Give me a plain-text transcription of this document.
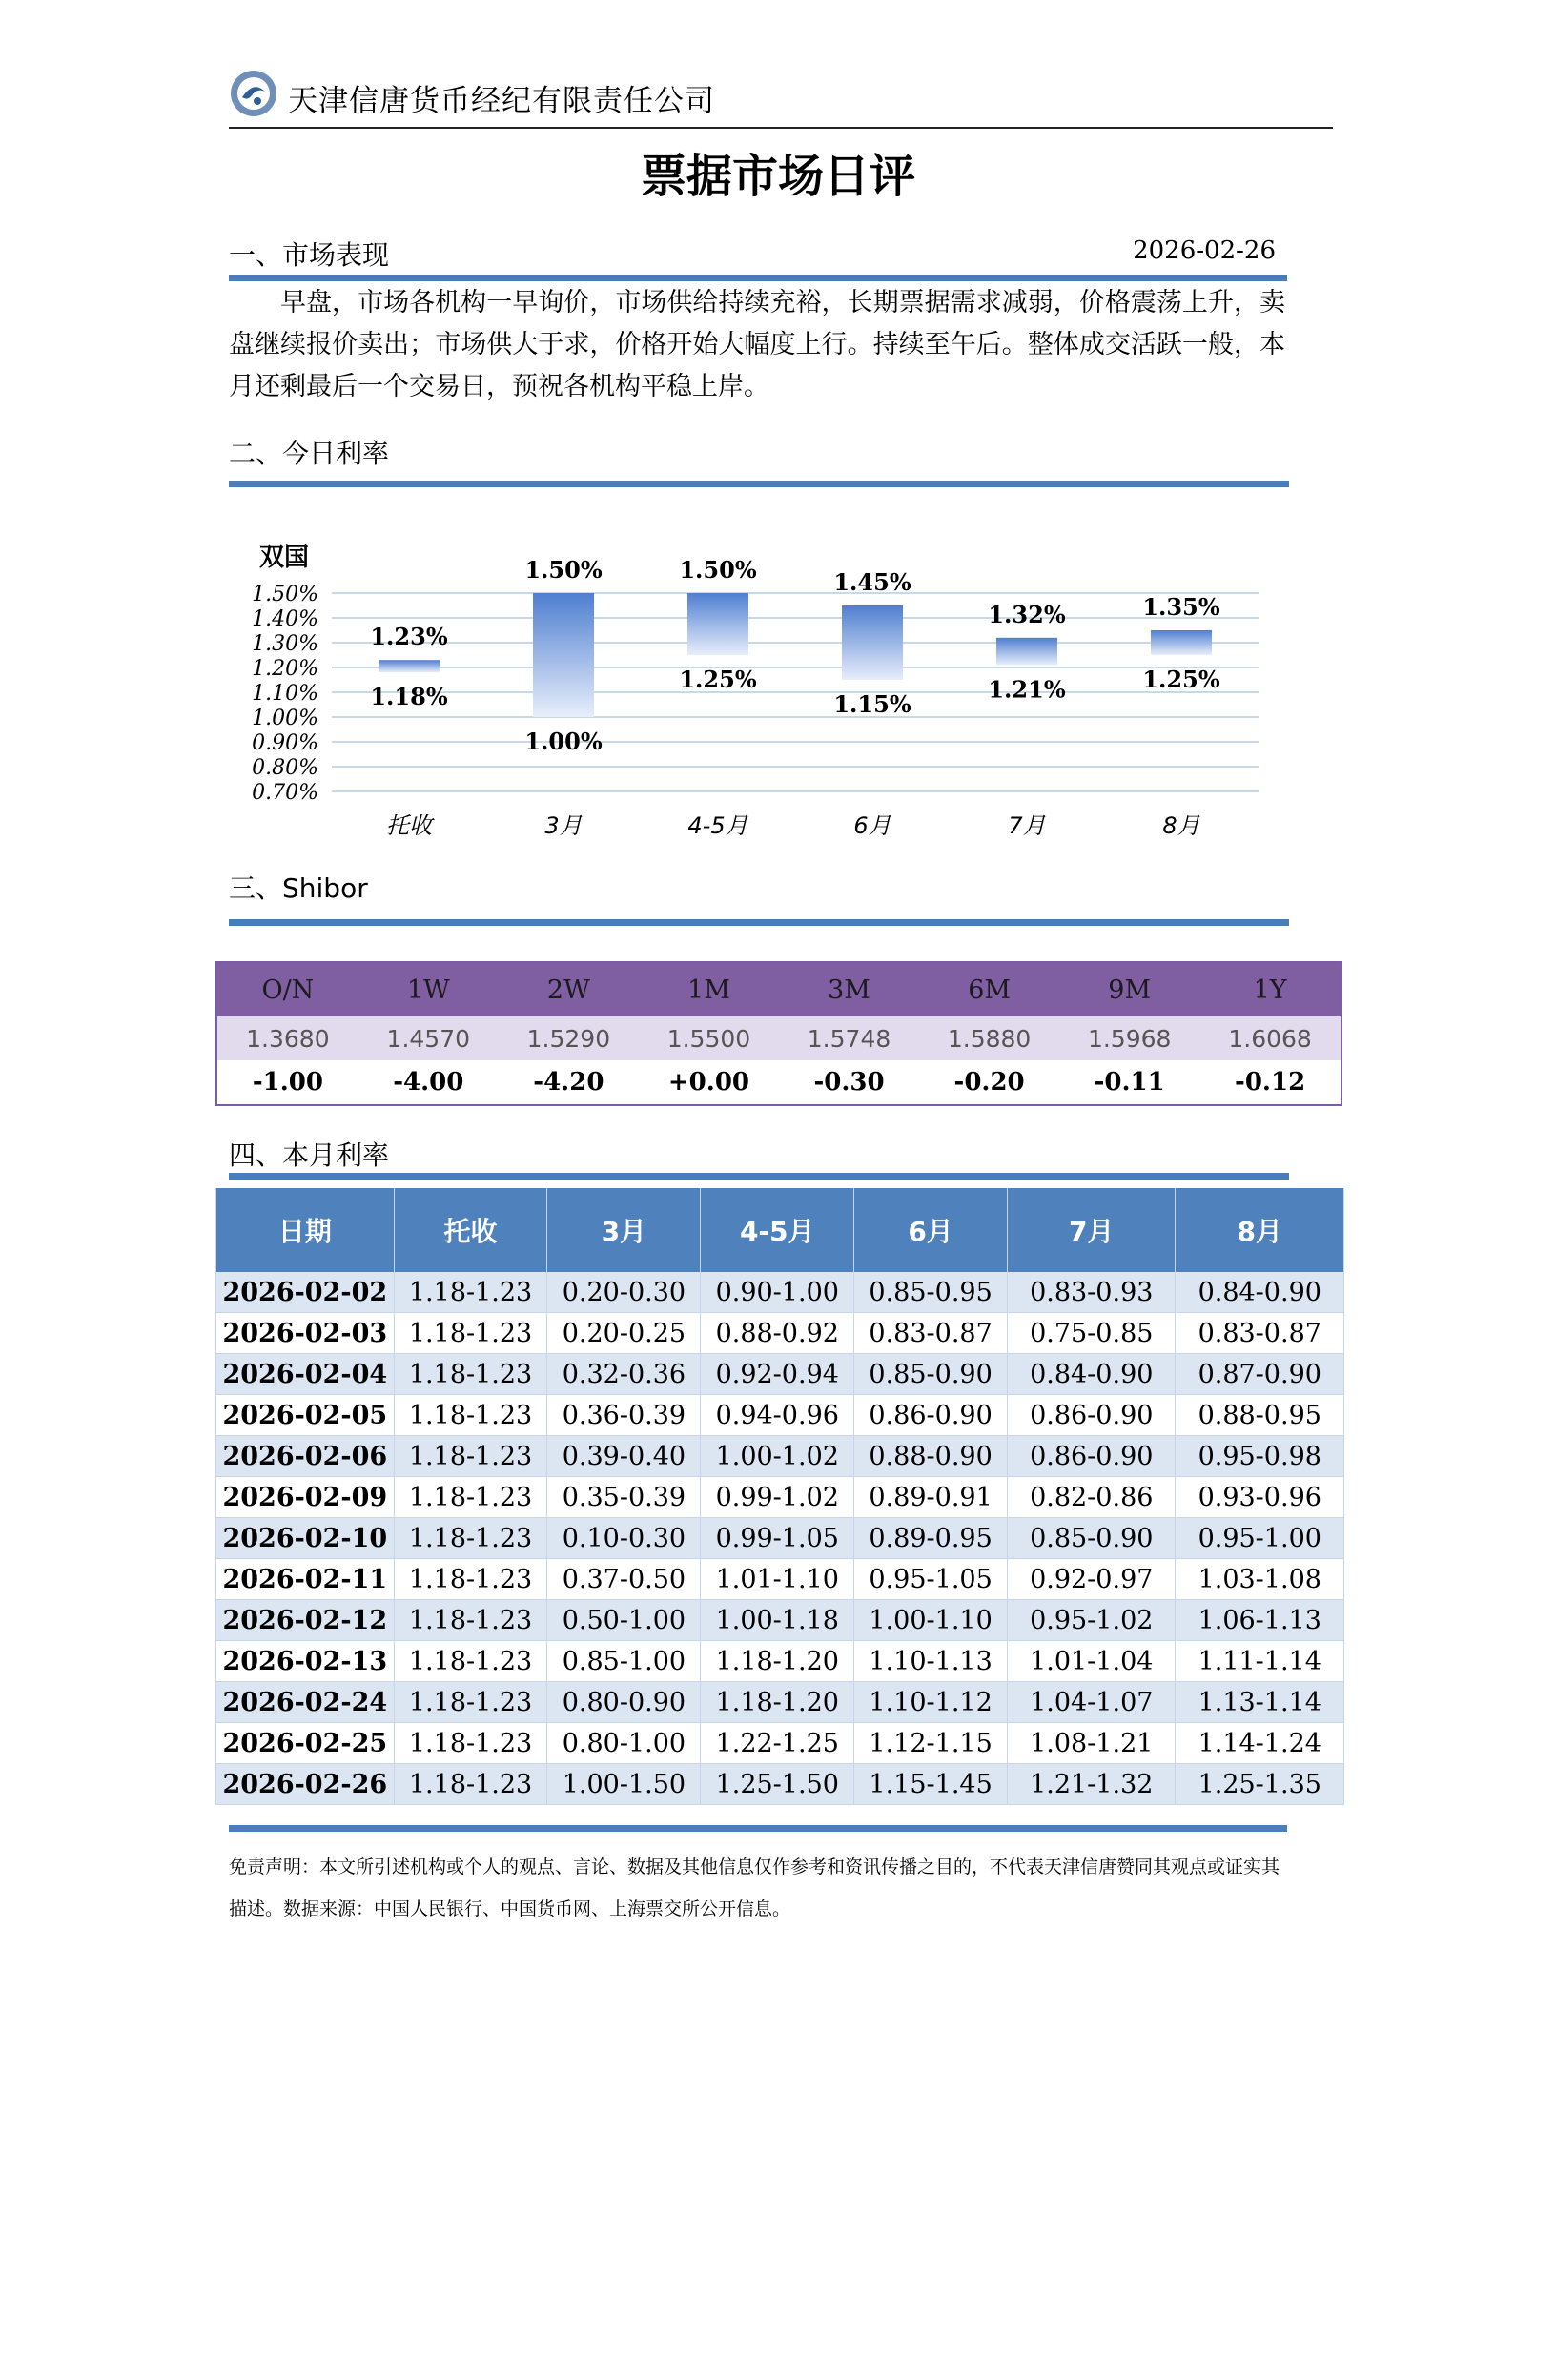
天津信唐货币经纪有限责任公司
票据市场日评
一、市场表现	2026-02-26
早盘，市场各机构一早询价，市场供给持续充裕，长期票据需求减弱，价格震荡上升，卖盘继续报价卖出；市场供大于求，价格开始大幅度上行。持续至午后。整体成交活跃一般，本月还剩最后一个交易日，预祝各机构平稳上岸。
二、今日利率
双国
1.50%
1.40%
1.30%
1.20%
1.10%
1.00%
0.90%
0.80%
0.70%
1.23%
1.18%
1.50%
1.00%
1.50%
1.25%
1.45%
1.15%
1.32%
1.21%
1.35%
1.25%
托收	3月	4-5月	6月	7月	8月
三、Shibor
O/N	1W	2W	1M	3M	6M	9M	1Y
1.3680	1.4570	1.5290	1.5500	1.5748	1.5880	1.5968	1.6068
-1.00	-4.00	-4.20	+0.00	-0.30	-0.20	-0.11	-0.12
四、本月利率
日期	托收	3月	4-5月	6月	7月	8月
2026-02-02	1.18-1.23	0.20-0.30	0.90-1.00	0.85-0.95	0.83-0.93	0.84-0.90
2026-02-03	1.18-1.23	0.20-0.25	0.88-0.92	0.83-0.87	0.75-0.85	0.83-0.87
2026-02-04	1.18-1.23	0.32-0.36	0.92-0.94	0.85-0.90	0.84-0.90	0.87-0.90
2026-02-05	1.18-1.23	0.36-0.39	0.94-0.96	0.86-0.90	0.86-0.90	0.88-0.95
2026-02-06	1.18-1.23	0.39-0.40	1.00-1.02	0.88-0.90	0.86-0.90	0.95-0.98
2026-02-09	1.18-1.23	0.35-0.39	0.99-1.02	0.89-0.91	0.82-0.86	0.93-0.96
2026-02-10	1.18-1.23	0.10-0.30	0.99-1.05	0.89-0.95	0.85-0.90	0.95-1.00
2026-02-11	1.18-1.23	0.37-0.50	1.01-1.10	0.95-1.05	0.92-0.97	1.03-1.08
2026-02-12	1.18-1.23	0.50-1.00	1.00-1.18	1.00-1.10	0.95-1.02	1.06-1.13
2026-02-13	1.18-1.23	0.85-1.00	1.18-1.20	1.10-1.13	1.01-1.04	1.11-1.14
2026-02-24	1.18-1.23	0.80-0.90	1.18-1.20	1.10-1.12	1.04-1.07	1.13-1.14
2026-02-25	1.18-1.23	0.80-1.00	1.22-1.25	1.12-1.15	1.08-1.21	1.14-1.24
2026-02-26	1.18-1.23	1.00-1.50	1.25-1.50	1.15-1.45	1.21-1.32	1.25-1.35
免责声明：本文所引述机构或个人的观点、言论、数据及其他信息仅作参考和资讯传播之目的，不代表天津信唐赞同其观点或证实其描述。数据来源：中国人民银行、中国货币网、上海票交所公开信息。
